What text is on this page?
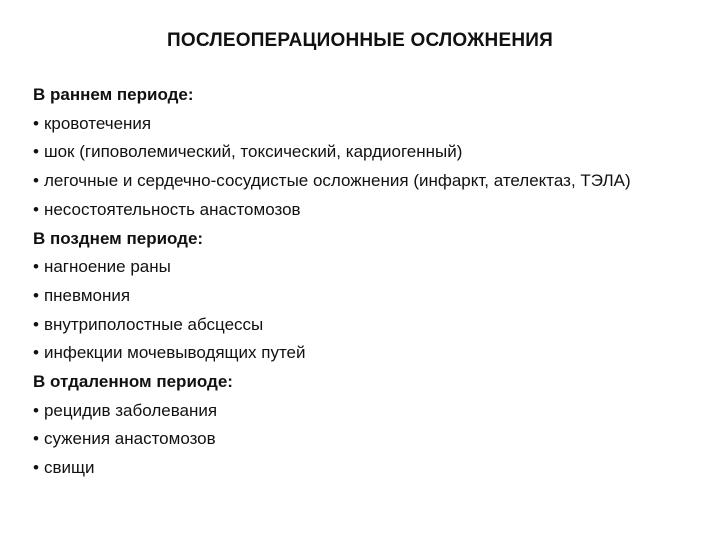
ПОСЛЕОПЕРАЦИОННЫЕ ОСЛОЖНЕНИЯ
В раннем периоде:
• кровотечения
• шок (гиповолемический, токсический, кардиогенный)
• легочные и сердечно-сосудистые осложнения (инфаркт, ателектаз, ТЭЛА)
• несостоятельность анастомозов
В позднем периоде:
• нагноение раны
• пневмония
• внутриполостные абсцессы
• инфекции мочевыводящих путей
В отдаленном периоде:
• рецидив заболевания
• сужения анастомозов
• свищи
